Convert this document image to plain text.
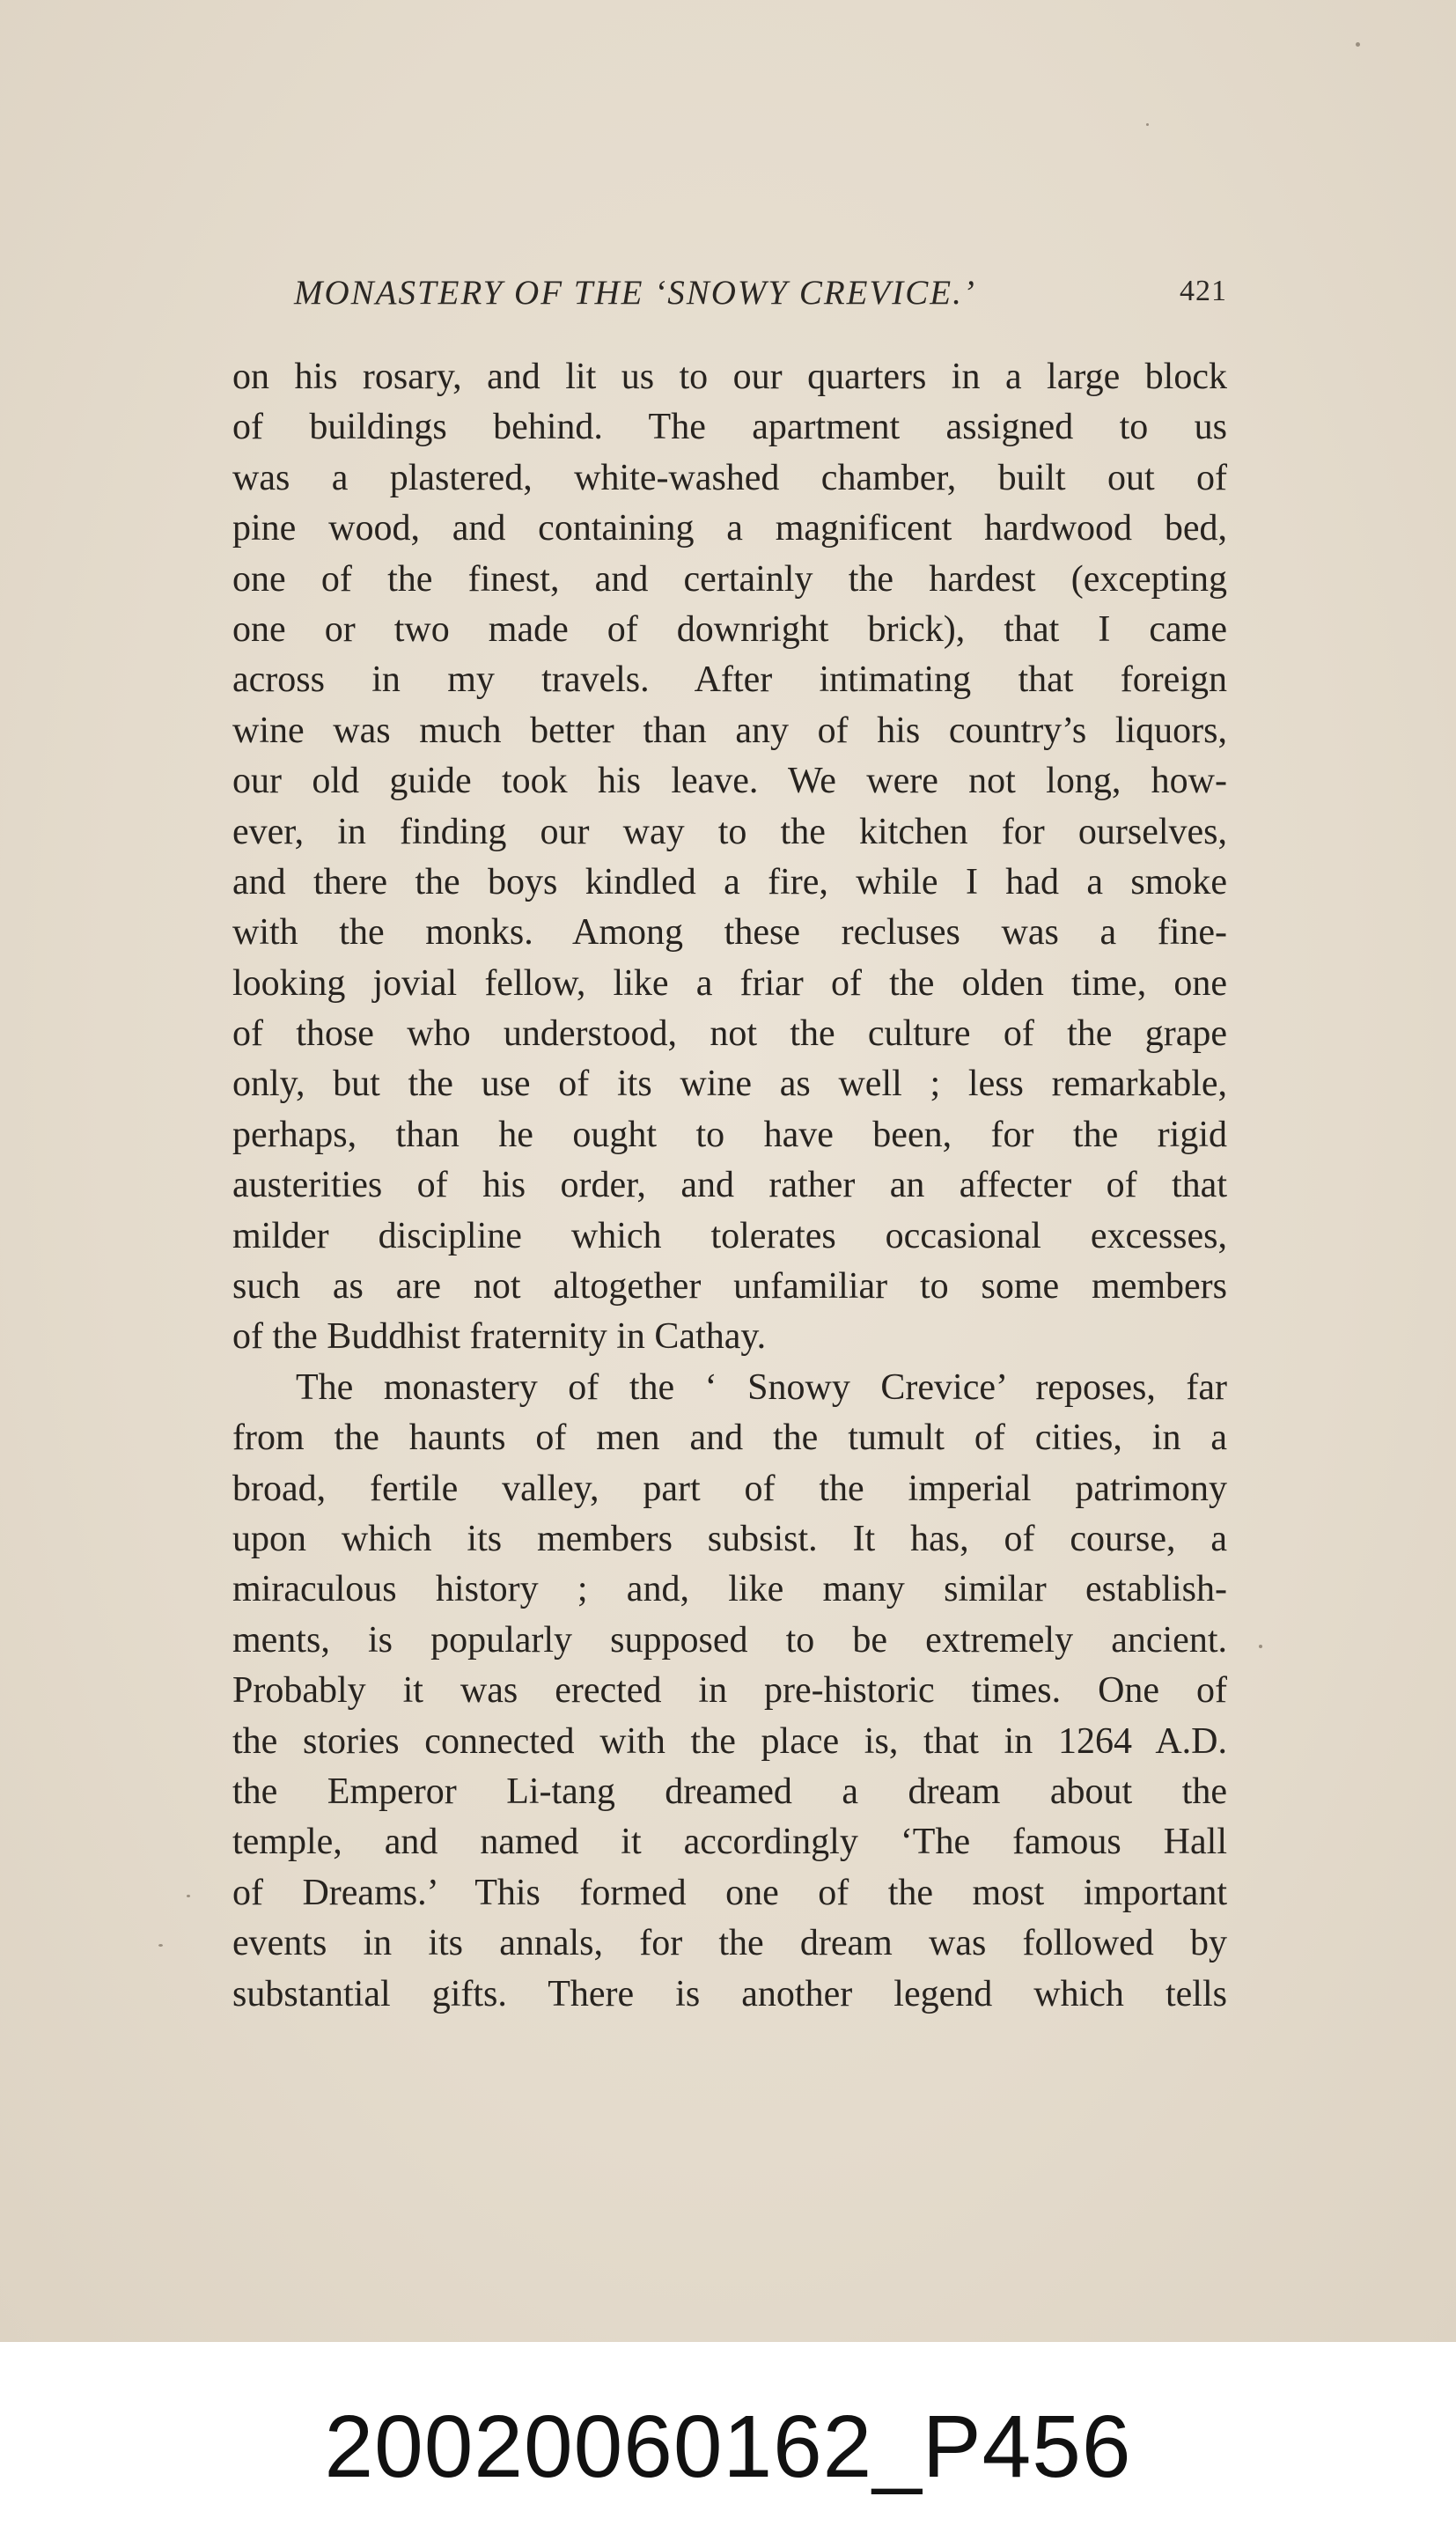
MONASTERY OF THE ‘SNOWY CREVICE.’	421
on his rosary, and lit us to our quarters in a large block
of buildings behind. The apartment assigned to us
was a plastered, white-washed chamber, built out of
pine wood, and containing a magnificent hardwood bed,
one of the finest, and certainly the hardest (excepting
one or two made of downright brick), that I came
across in my travels. After intimating that foreign
wine was much better than any of his country’s liquors,
our old guide took his leave. We were not long, how-
ever, in finding our way to the kitchen for ourselves,
and there the boys kindled a fire, while I had a smoke
with the monks. Among these recluses was a fine-
looking jovial fellow, like a friar of the olden time, one
of those who understood, not the culture of the grape
only, but the use of its wine as well ; less remarkable,
perhaps, than he ought to have been, for the rigid
austerities of his order, and rather an affecter of that
milder discipline which tolerates occasional excesses,
such as are not altogether unfamiliar to some members
of the Buddhist fraternity in Cathay.
The monastery of the ‘ Snowy Crevice’ reposes, far
from the haunts of men and the tumult of cities, in a
broad, fertile valley, part of the imperial patrimony
upon which its members subsist. It has, of course, a
miraculous history ; and, like many similar establish-
ments, is popularly supposed to be extremely ancient.
Probably it was erected in pre-historic times. One of
the stories connected with the place is, that in 1264 A.D.
the Emperor Li-tang dreamed a dream about the
temple, and named it accordingly ‘The famous Hall
of Dreams.’ This formed one of the most important
events in its annals, for the dream was followed by
substantial gifts. There is another legend which tells
20020060162_P456
